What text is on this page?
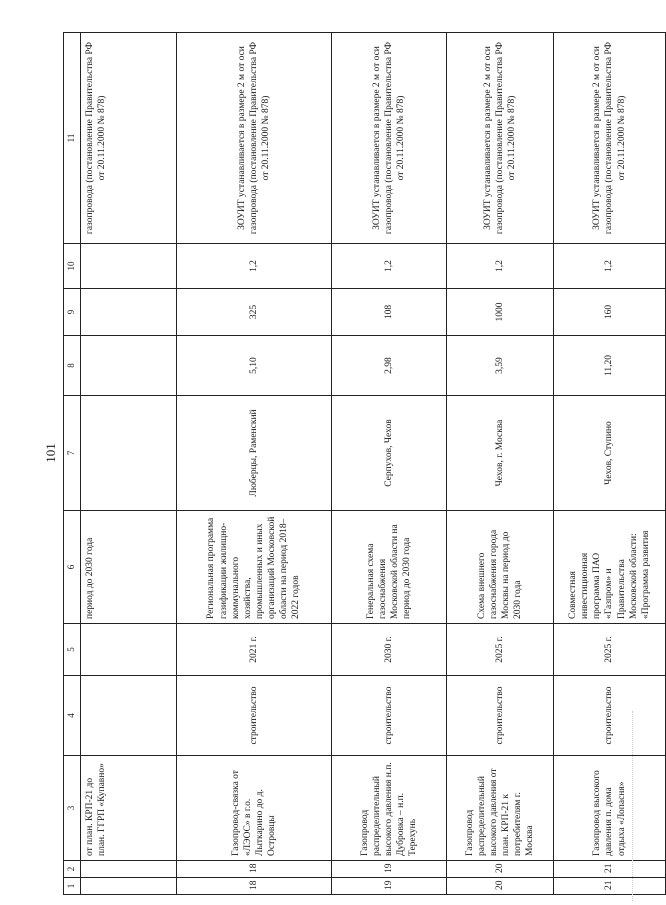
101
1	2	3	4	5	6	7	8	9	10	11
		от план. КРП-21 до план. ГГРП «Купавно»			период до 2030 года					газопровода (постановление Правительства РФ от 20.11.2000 № 878)
18	18	Газопровод-связка от «ЛЭОС» в г.о. Лыткарино до д. Островцы	строительство	2021 г.	Региональная программа газификации жилищно-коммунального хозяйства, промышленных и иных организаций Московской области на период 2018–2022 годов	Люберцы, Раменский	5,10	325	1,2	ЗОУИТ устанавливается в размере 2 м от оси газопровода (постановление Правительства РФ от 20.11.2000 № 878)
19	19	Газопровод распределительный высокого давления н.п. Дубровка – н.п. Терехунь	строительство	2030 г.	Генеральная схема газоснабжения Московской области на период до 2030 года	Серпухов, Чехов	2,98	108	1,2	ЗОУИТ устанавливается в размере 2 м от оси газопровода (постановление Правительства РФ от 20.11.2000 № 878)
20	20	Газопровод распределительный высокого давления от план. КРП-21 к потребителям г. Москва	строительство	2025 г.	Схема внешнего газоснабжения города Москвы на период до 2030 года	Чехов, г. Москва	3,59	1000	1,2	ЗОУИТ устанавливается в размере 2 м от оси газопровода (постановление Правительства РФ от 20.11.2000 № 878)
21	21	Газопровод высокого давления п. дома отдыха «Лопасня»	строительство	2025 г.	Совместная инвестиционная программа ПАО «Газпром» и Правительства Московской области: «Программа развития	Чехов, Ступино	11,20	160	1,2	ЗОУИТ устанавливается в размере 2 м от оси газопровода (постановление Правительства РФ от 20.11.2000 № 878)
